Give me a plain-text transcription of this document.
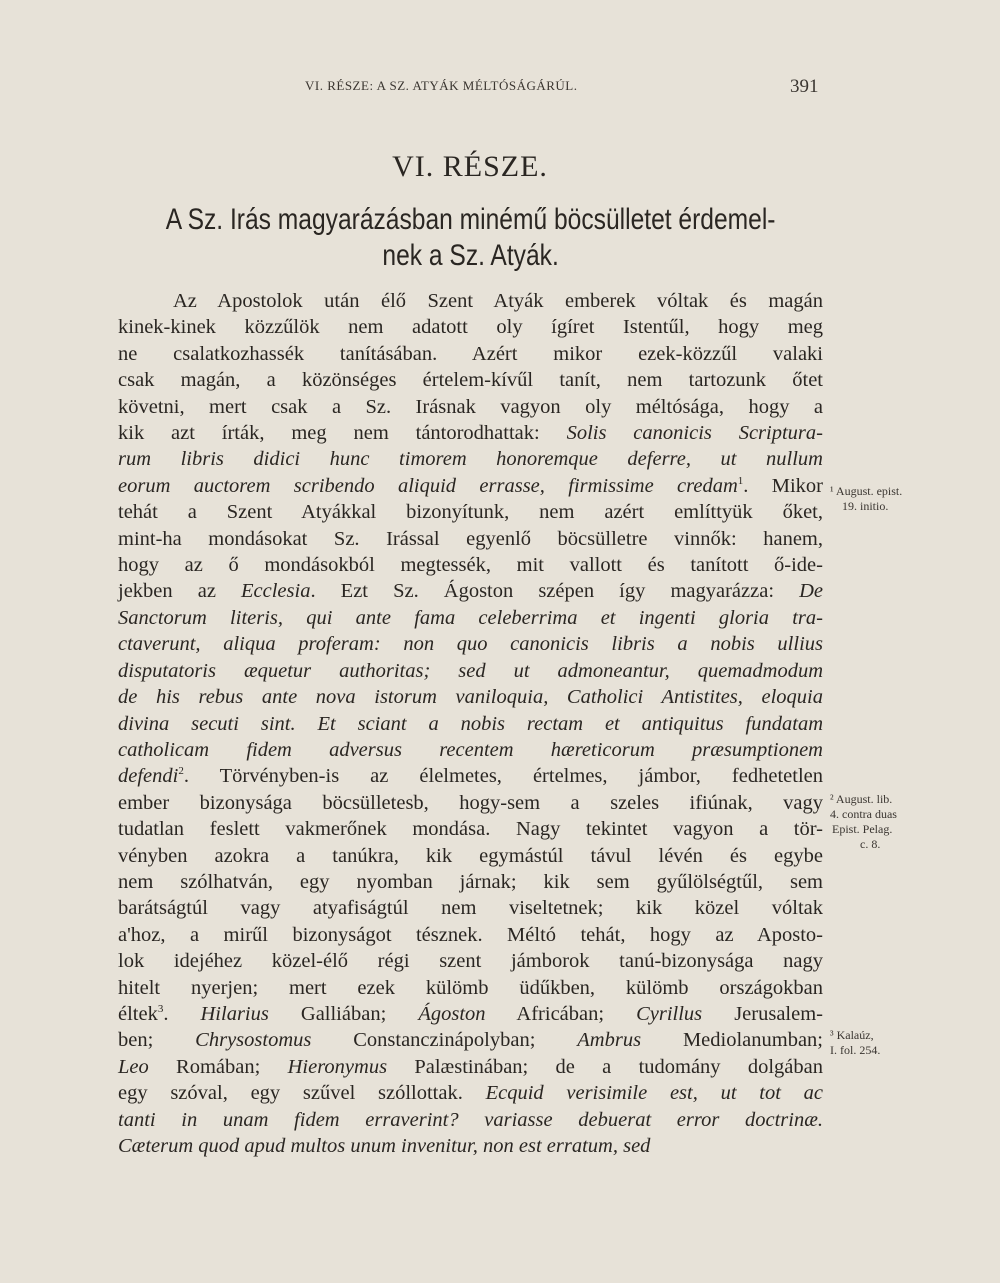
VI. RÉSZE: A SZ. ATYÁK MÉLTÓSÁGÁRÚL.	391
VI. RÉSZE.
A Sz. Irás magyarázásban minémű böcsülletet érdemel-
nek a Sz. Atyák.
Az Apostolok után élő Szent Atyák emberek vóltak és magán
kinek-kinek közzűlök nem adatott oly ígíret Istentűl, hogy meg
ne csalatkozhassék tanításában. Azért mikor ezek-közzűl valaki
csak magán, a közönséges értelem-kívűl tanít, nem tartozunk őtet
követni, mert csak a Sz. Irásnak vagyon oly méltósága, hogy a
kik azt írták, meg nem tántorodhattak: Solis canonicis Scriptura-
rum libris didici hunc timorem honoremque deferre, ut nullum
eorum auctorem scribendo aliquid errasse, firmissime credam$^1$. Mikor
tehát a Szent Atyákkal bizonyítunk, nem azért említtyük őket,
mint-ha mondásokat Sz. Irással egyenlő böcsülletre vinnők: hanem,
hogy az ő mondásokból megtessék, mit vallott és tanított ő-ide-
jekben az Ecclesia. Ezt Sz. Ágoston szépen így magyarázza: De
Sanctorum literis, qui ante fama celeberrima et ingenti gloria tra-
ctaverunt, aliqua proferam: non quo canonicis libris a nobis ullius
disputatoris æquetur authoritas; sed ut admoneantur, quemadmodum
de his rebus ante nova istorum vaniloquia, Catholici Antistites, eloquia
divina secuti sint. Et sciant a nobis rectam et antiquitus fundatam
catholicam fidem adversus recentem hæreticorum præsumptionem
defendi$^2$. Törvényben-is az élelmetes, értelmes, jámbor, fedhetetlen
ember bizonysága böcsülletesb, hogy-sem a szeles ifiúnak, vagy
tudatlan feslett vakmerőnek mondása. Nagy tekintet vagyon a tör-
vényben azokra a tanúkra, kik egymástúl távul lévén és egybe
nem szólhatván, egy nyomban járnak; kik sem gyűlölségtűl, sem
barátságtúl vagy atyafiságtúl nem viseltetnek; kik közel vóltak
a'hoz, a mirűl bizonyságot tésznek. Méltó tehát, hogy az Aposto-
lok idejéhez közel-élő régi szent jámborok tanú-bizonysága nagy
hitelt nyerjen; mert ezek külömb üdűkben, külömb országokban
éltek$^3$. Hilarius Galliában; Ágoston Africában; Cyrillus Jerusalem-
ben; Chrysostomus Constanczinápolyban; Ambrus Mediolanumban;
Leo Romában; Hieronymus Palæstinában; de a tudomány dolgában
egy szóval, egy szűvel szóllottak. Ecquid verisimile est, ut tot ac
tanti in unam fidem erraverint? variasse debuerat error doctrinæ.
Cæterum quod apud multos unum invenitur, non est erratum, sed
¹ August. epist.
19. initio.
² August. lib.
4. contra duas
Epist. Pelag.
c. 8.
³ Kalaúz,
I. fol. 254.
